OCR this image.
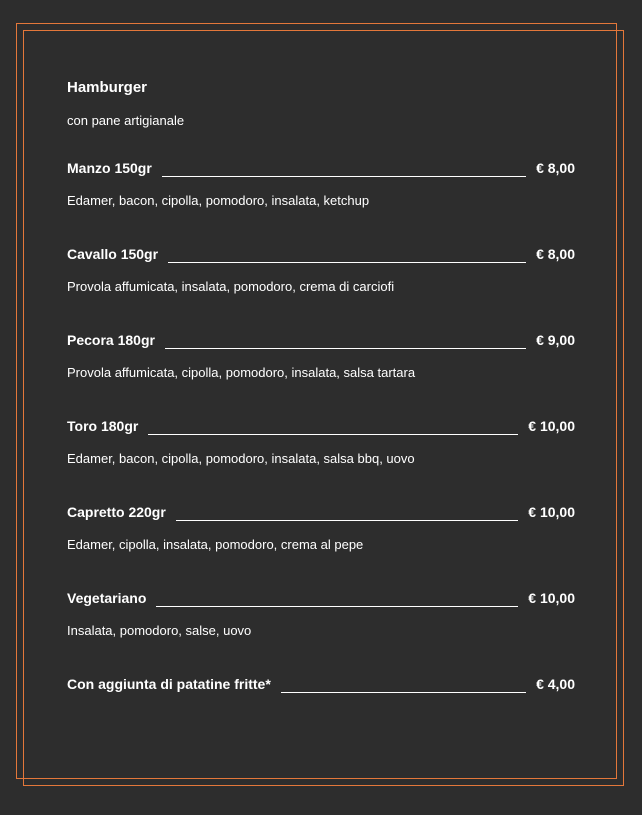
Hamburger
con pane artigianale
Manzo 150gr	€ 8,00
Edamer, bacon, cipolla, pomodoro, insalata, ketchup
Cavallo 150gr	€ 8,00
Provola affumicata, insalata, pomodoro, crema di carciofi
Pecora 180gr	€ 9,00
Provola affumicata, cipolla, pomodoro, insalata, salsa tartara
Toro 180gr	€ 10,00
Edamer, bacon, cipolla, pomodoro, insalata, salsa bbq, uovo
Capretto 220gr	€ 10,00
Edamer, cipolla, insalata, pomodoro, crema al pepe
Vegetariano	€ 10,00
Insalata, pomodoro, salse, uovo
Con aggiunta di patatine fritte*	€ 4,00
